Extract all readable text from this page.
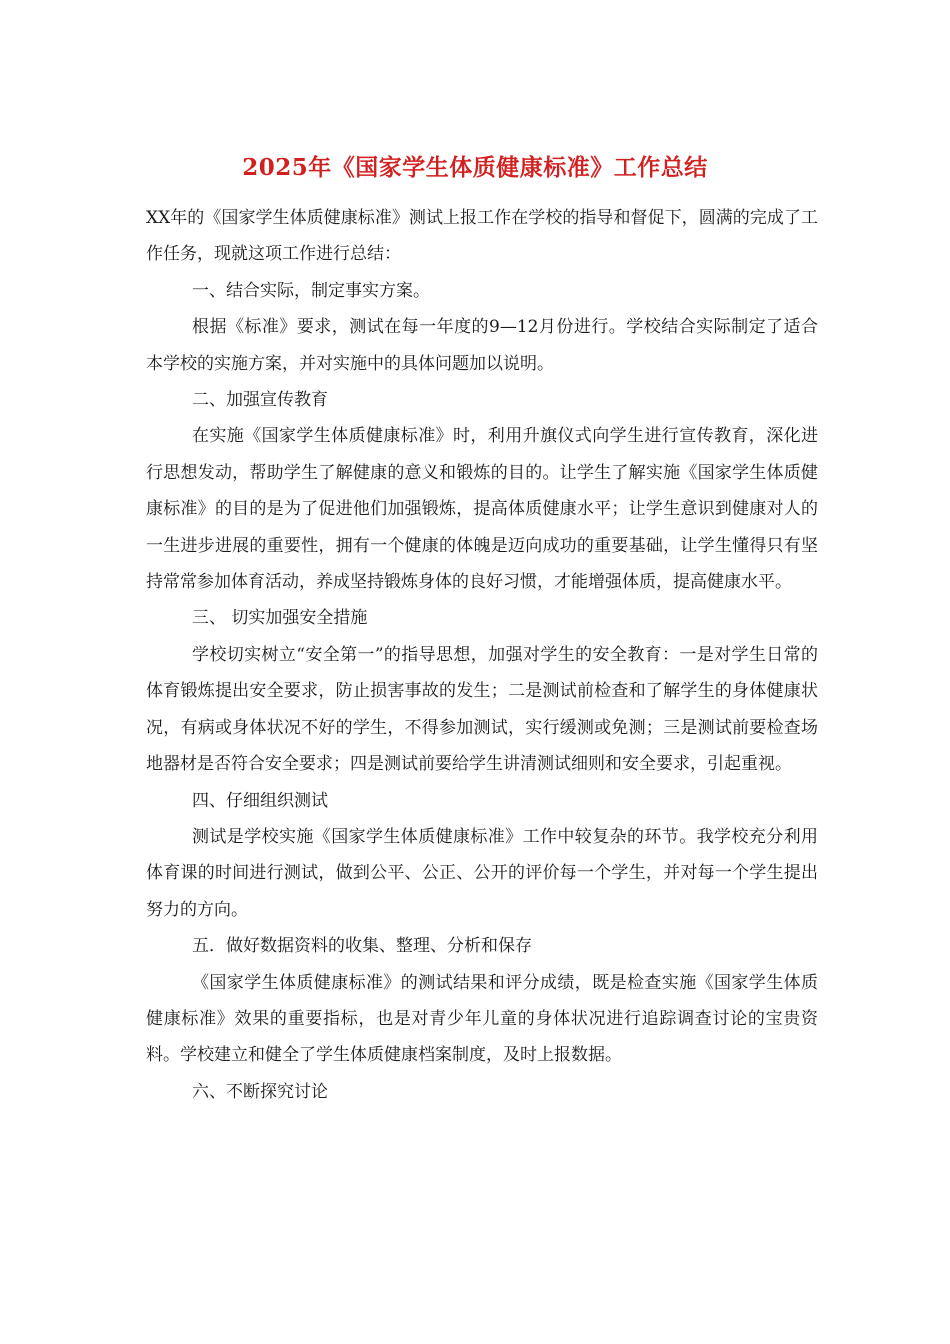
2025年《国家学生体质健康标准》工作总结

XX年的《国家学生体质健康标准》测试上报工作在学校的指导和督促下，圆满的完成了工作任务，现就这项工作进行总结：

一、结合实际，制定事实方案。

根据《标准》要求，测试在每一年度的9—12月份进行。学校结合实际制定了适合本学校的实施方案，并对实施中的具体问题加以说明。

二、加强宣传教育

在实施《国家学生体质健康标准》时，利用升旗仪式向学生进行宣传教育，深化进行思想发动，帮助学生了解健康的意义和锻炼的目的。让学生了解实施《国家学生体质健康标准》的目的是为了促进他们加强锻炼，提高体质健康水平；让学生意识到健康对人的一生进步进展的重要性，拥有一个健康的体魄是迈向成功的重要基础，让学生懂得只有坚持常常参加体育活动，养成坚持锻炼身体的良好习惯，才能增强体质，提高健康水平。

三、 切实加强安全措施

学校切实树立“安全第一”的指导思想，加强对学生的安全教育：一是对学生日常的体育锻炼提出安全要求，防止损害事故的发生；二是测试前检查和了解学生的身体健康状况，有病或身体状况不好的学生，不得参加测试，实行缓测或免测；三是测试前要检查场地器材是否符合安全要求；四是测试前要给学生讲清测试细则和安全要求，引起重视。

四、仔细组织测试

测试是学校实施《国家学生体质健康标准》工作中较复杂的环节。我学校充分利用体育课的时间进行测试，做到公平、公正、公开的评价每一个学生，并对每一个学生提出努力的方向。

五．做好数据资料的收集、整理、分析和保存

《国家学生体质健康标准》的测试结果和评分成绩，既是检查实施《国家学生体质健康标准》效果的重要指标，也是对青少年儿童的身体状况进行追踪调查讨论的宝贵资料。学校建立和健全了学生体质健康档案制度，及时上报数据。

六、不断探究讨论
